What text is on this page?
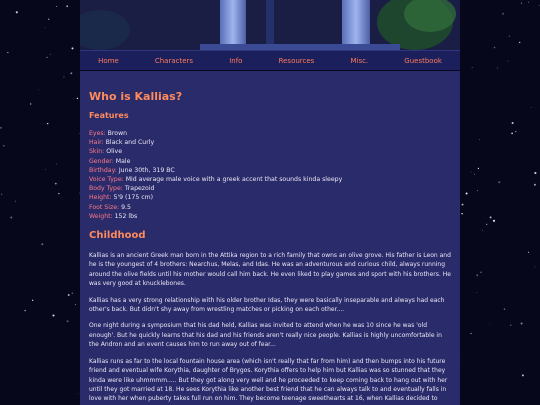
Home	Characters	Info	Resources	Misc.	Guestbook
Who is Kallias?
Features
Eyes: Brown
Hair: Black and Curly
Skin: Olive
Gender: Male
Birthday: June 30th, 319 BC
Voice Type: Mid average male voice with a greek accent that sounds kinda sleepy
Body Type: Trapezoid
Height: 5'9 (175 cm)
Foot Size: 9.5
Weight: 152 lbs
Childhood

Kallias is an ancient Greek man born in the Attika region to a rich family that owns an olive grove. His father is Leon and he is the youngest of 4 brothers: Nearchus, Melas, and Idas. He was an adventurous and curious child, always running around the olive fields until his mother would call him back. He even liked to play games and sport with his brothers. He was very good at knucklebones.

Kallias has a very strong relationship with his older brother Idas, they were basically inseparable and always had each other's back. But didn't shy away from wrestling matches or picking on each other....

One night during a symposium that his dad held, Kallias was invited to attend when he was 10 since he was 'old enough'. But he quickly learns that his dad and his friends aren't really nice people. Kallias is highly uncomfortable in the Andron and an event causes him to run away out of fear...

Kallias runs as far to the local fountain house area (which isn't really that far from him) and then bumps into his future friend and eventual wife Korythia, daughter of Brygos. Korythia offers to help him but Kallias was so stunned that they kinda were like uhmmmm..... But they got along very well and he proceeded to keep coming back to hang out with her until they got married at 18. He sees Korythia like another best friend that he can always talk to and eventually falls in love with her when puberty takes full run on him. They become teenage sweethearts at 16, when Kallias decided to
